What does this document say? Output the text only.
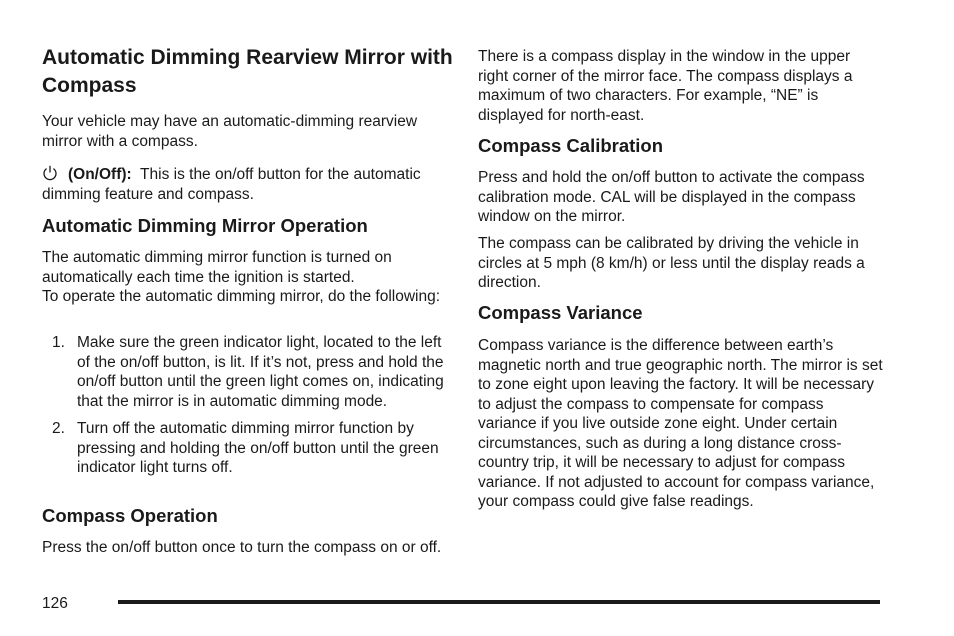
Automatic Dimming Rearview Mirror with Compass

Your vehicle may have an automatic-dimming rearview mirror with a compass.

(On/Off): This is the on/off button for the automatic dimming feature and compass.

Automatic Dimming Mirror Operation

The automatic dimming mirror function is turned on automatically each time the ignition is started.

To operate the automatic dimming mirror, do the following:

1. Make sure the green indicator light, located to the left of the on/off button, is lit. If it’s not, press and hold the on/off button until the green light comes on, indicating that the mirror is in automatic dimming mode.
2. Turn off the automatic dimming mirror function by pressing and holding the on/off button until the green indicator light turns off.
Compass Operation

Press the on/off button once to turn the compass on or off.

There is a compass display in the window in the upper right corner of the mirror face. The compass displays a maximum of two characters. For example, “NE” is displayed for north-east.

Compass Calibration

Press and hold the on/off button to activate the compass calibration mode. CAL will be displayed in the compass window on the mirror.

The compass can be calibrated by driving the vehicle in circles at 5 mph (8 km/h) or less until the display reads a direction.

Compass Variance

Compass variance is the difference between earth’s magnetic north and true geographic north. The mirror is set to zone eight upon leaving the factory. It will be necessary to adjust the compass to compensate for compass variance if you live outside zone eight. Under certain circumstances, such as during a long distance cross-country trip, it will be necessary to adjust for compass variance. If not adjusted to account for compass variance, your compass could give false readings.

126
